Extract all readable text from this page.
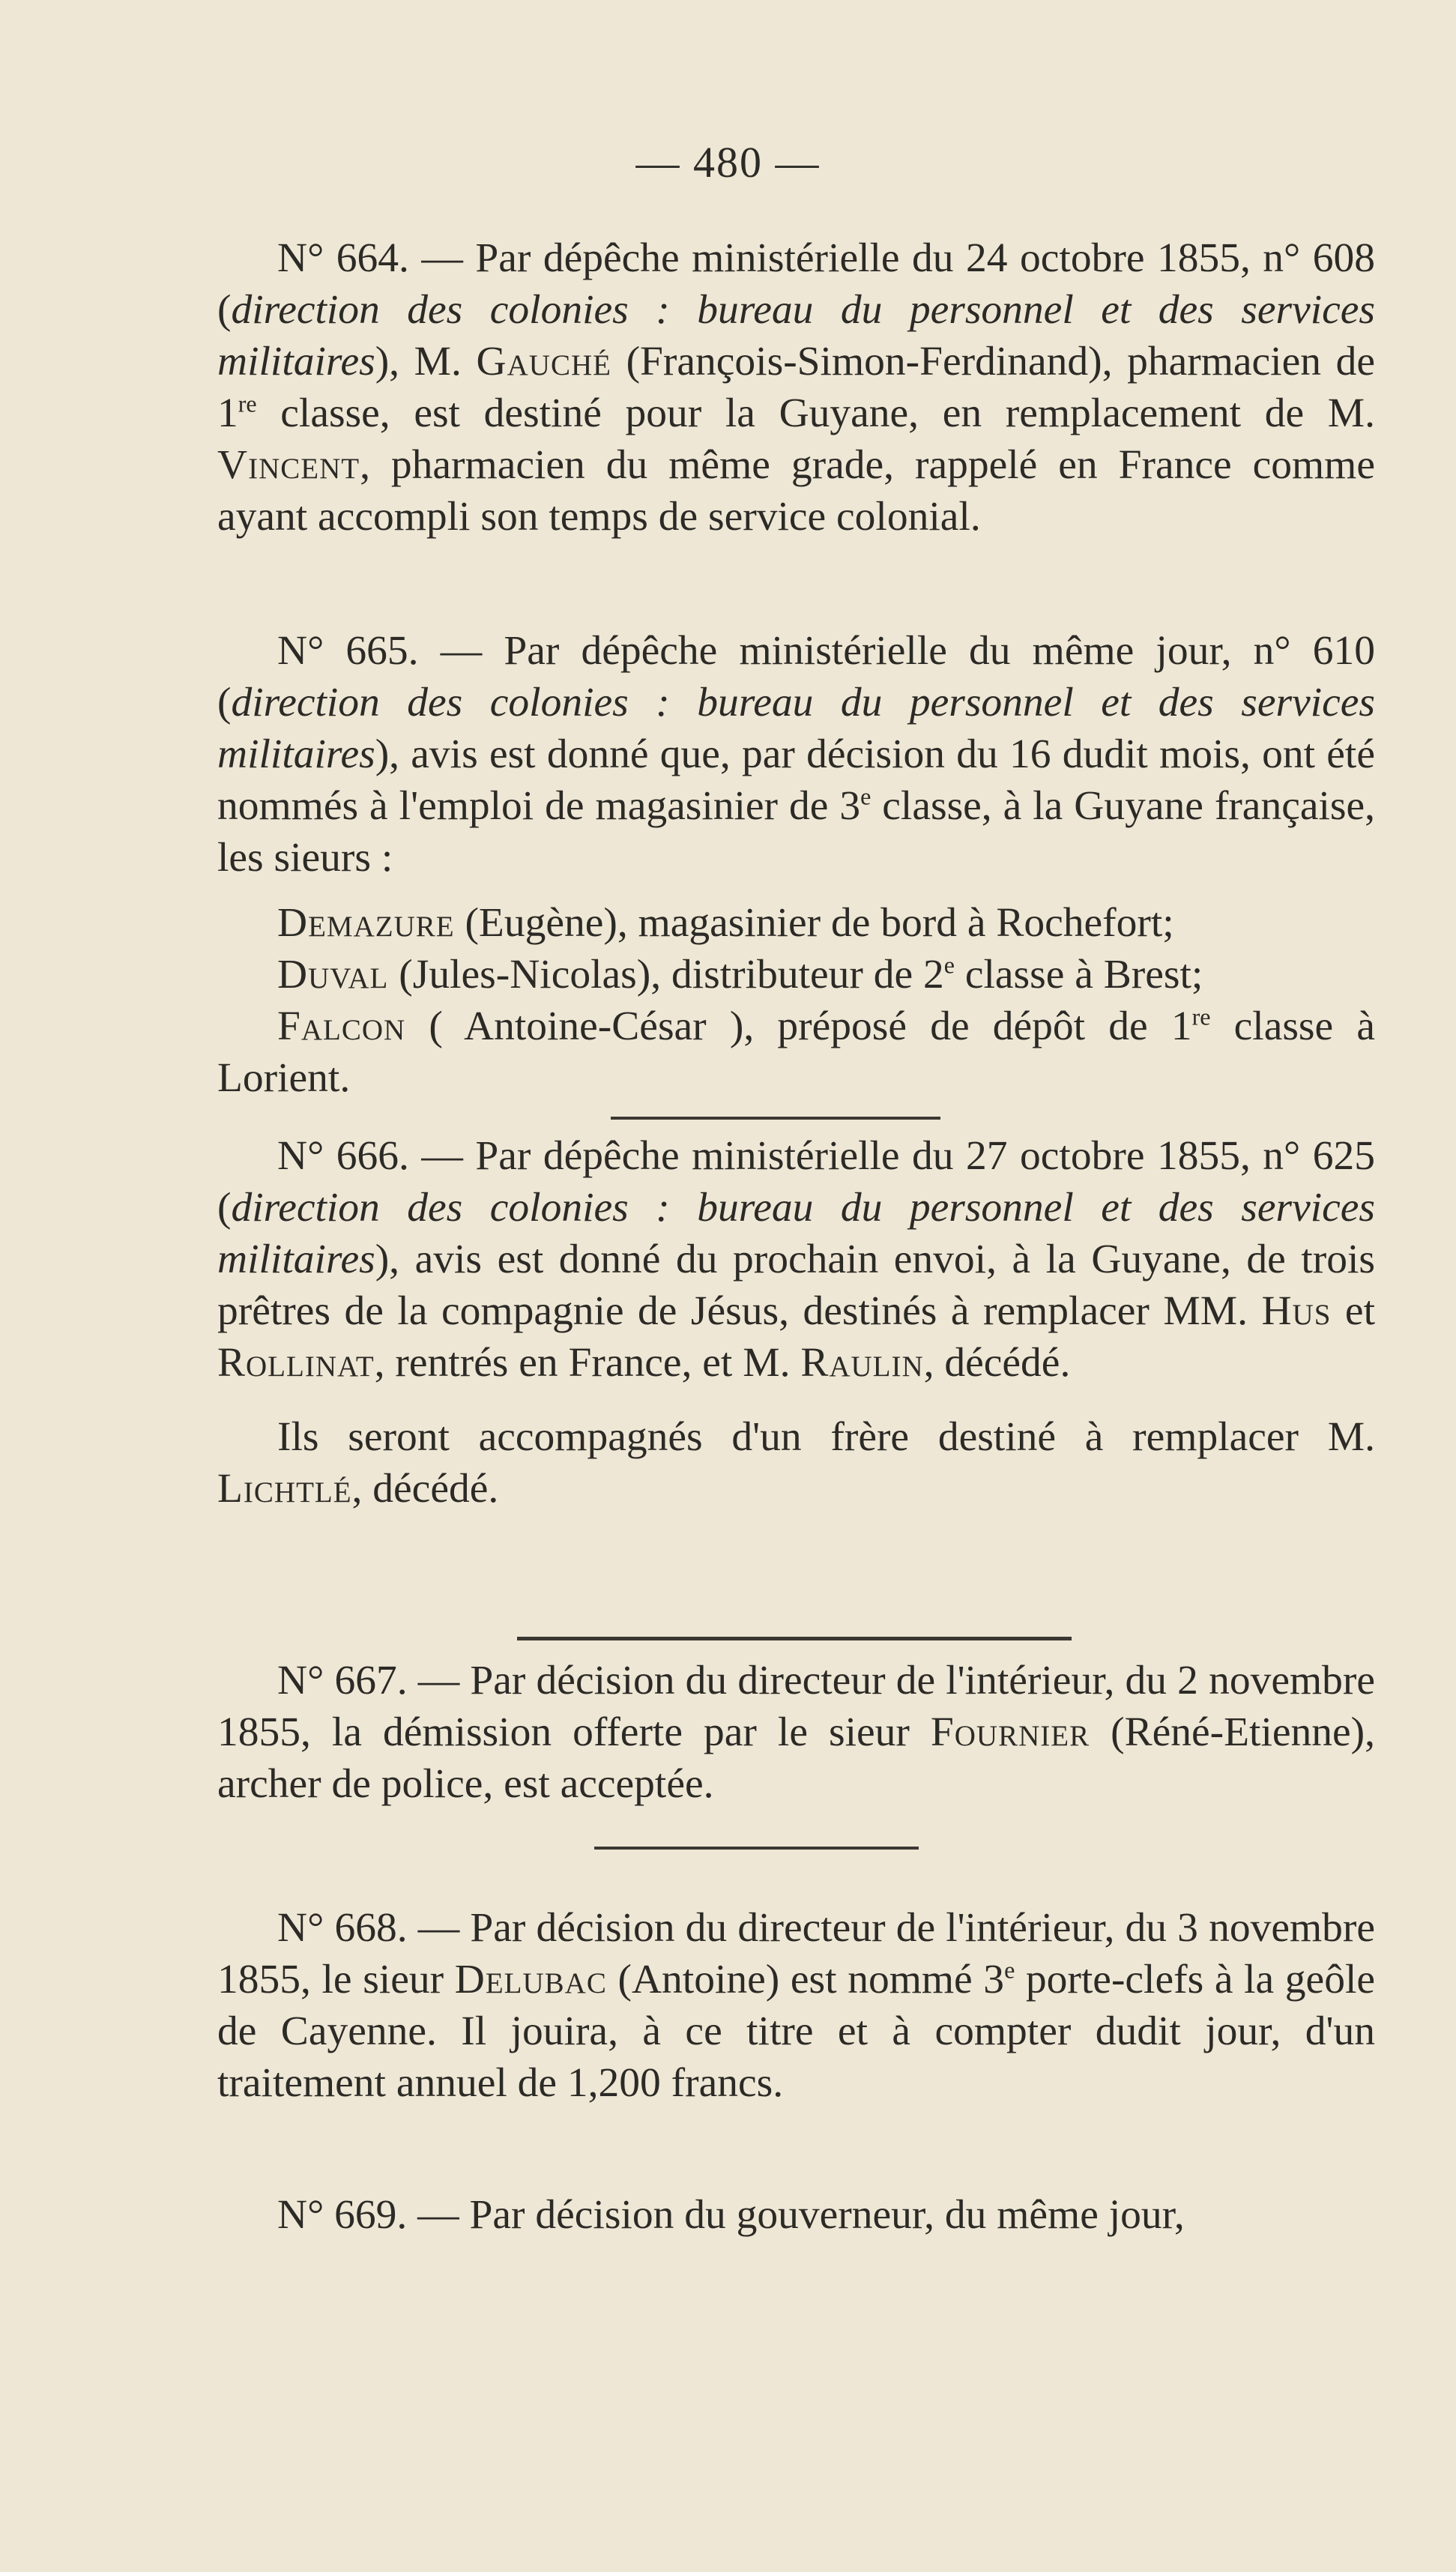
— 480 —

N° 664. — Par dépêche ministérielle du 24 octobre 1855, n° 608 (direction des colonies : bureau du personnel et des services militaires), M. Gauché (François-Simon-Ferdinand), pharmacien de 1re classe, est destiné pour la Guyane, en remplacement de M. Vincent, pharmacien du même grade, rappelé en France comme ayant accompli son temps de service colonial.

N° 665. — Par dépêche ministérielle du même jour, n° 610 (direction des colonies : bureau du personnel et des services militaires), avis est donné que, par décision du 16 dudit mois, ont été nommés à l'emploi de magasinier de 3e classe, à la Guyane française, les sieurs :

Demazure (Eugène), magasinier de bord à Rochefort;

Duval (Jules-Nicolas), distributeur de 2e classe à Brest;

Falcon ( Antoine-César ), préposé de dépôt de 1re classe à Lorient.

N° 666. — Par dépêche ministérielle du 27 octobre 1855, n° 625 (direction des colonies : bureau du personnel et des services militaires), avis est donné du prochain envoi, à la Guyane, de trois prêtres de la compagnie de Jésus, destinés à remplacer MM. Hus et Rollinat, rentrés en France, et M. Raulin, décédé.

Ils seront accompagnés d'un frère destiné à remplacer M. Lichtlé, décédé.

N° 667. — Par décision du directeur de l'intérieur, du 2 novembre 1855, la démission offerte par le sieur Fournier (Réné-Etienne), archer de police, est acceptée.

N° 668. — Par décision du directeur de l'intérieur, du 3 novembre 1855, le sieur Delubac (Antoine) est nommé 3e porte-clefs à la geôle de Cayenne. Il jouira, à ce titre et à compter dudit jour, d'un traitement annuel de 1,200 francs.

N° 669. — Par décision du gouverneur, du même jour,
